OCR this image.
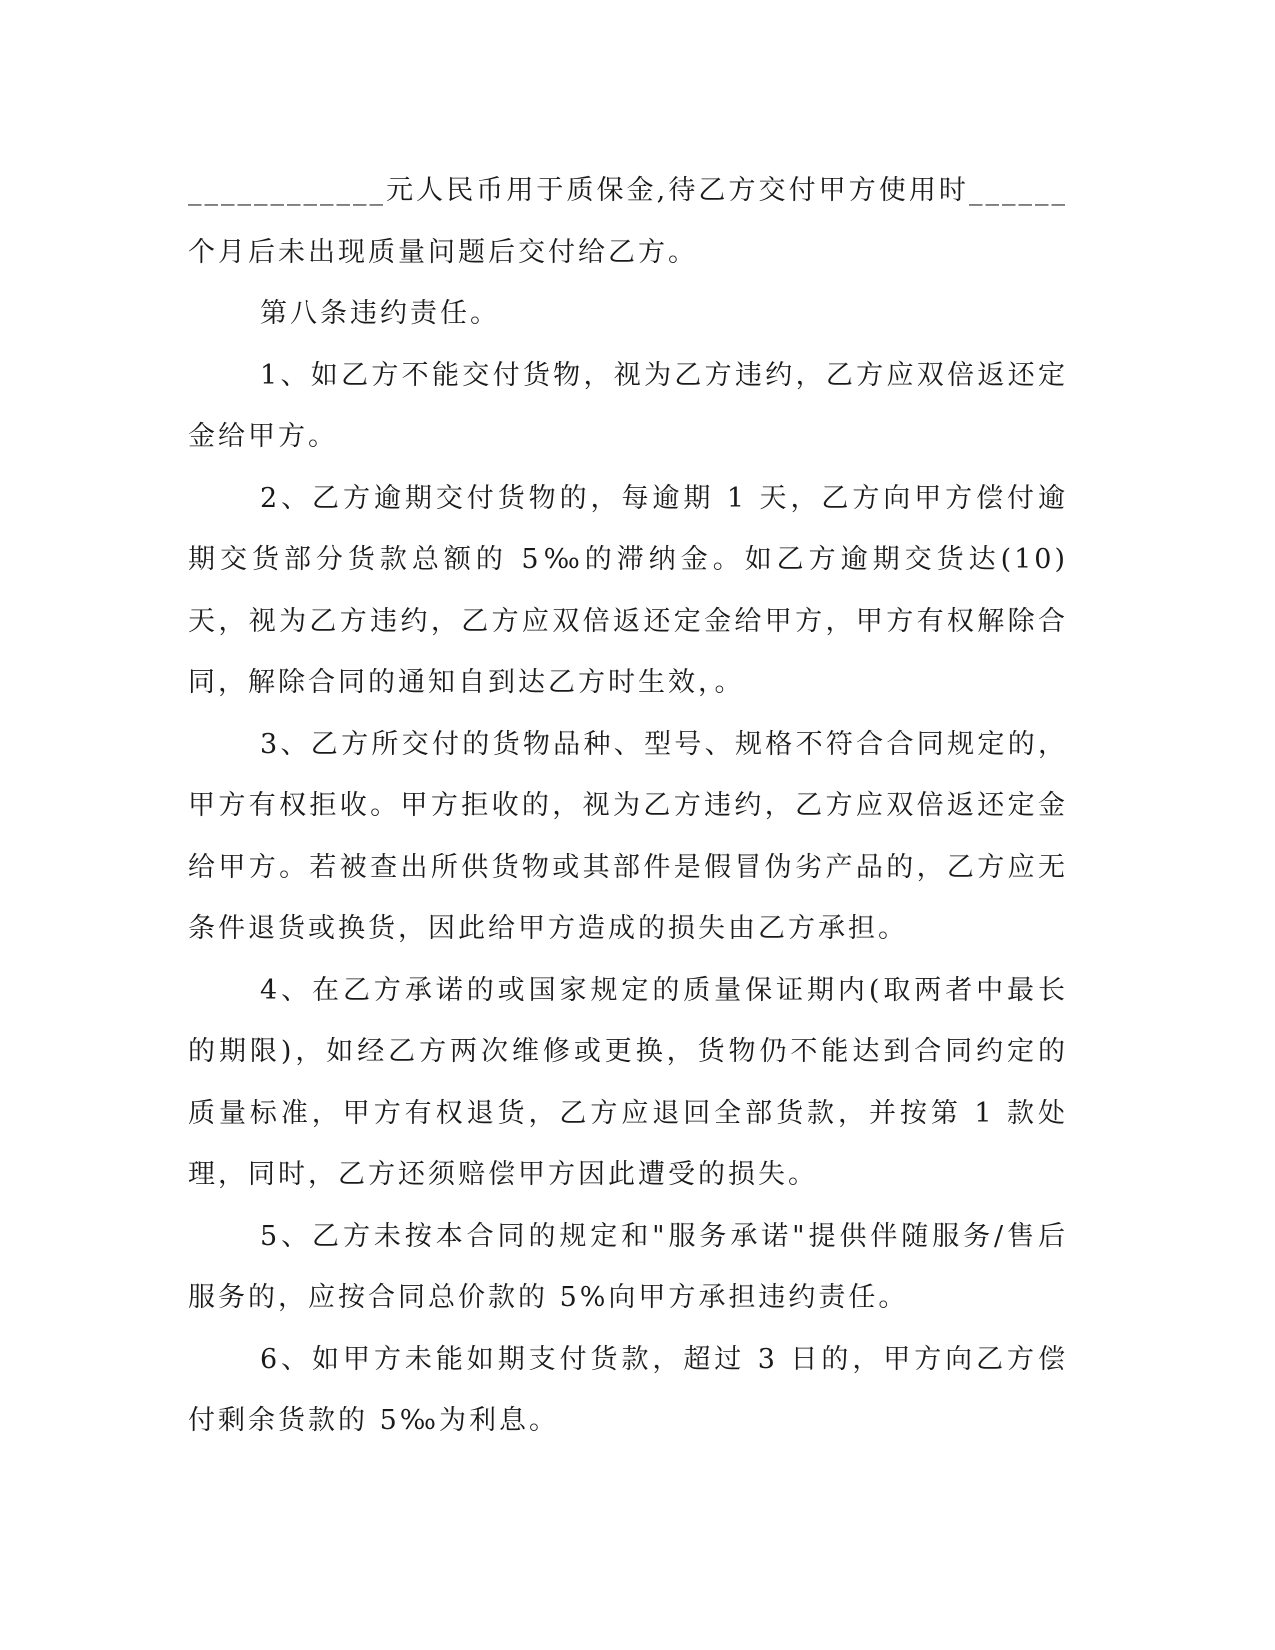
____________元人民币用于质保金,待乙方交付甲方使用时______个月后未出现质量问题后交付给乙方。

第八条违约责任。

1、如乙方不能交付货物，视为乙方违约，乙方应双倍返还定金给甲方。

2、乙方逾期交付货物的，每逾期 1 天，乙方向甲方偿付逾期交货部分货款总额的 5‰的滞纳金。如乙方逾期交货达(10)天，视为乙方违约，乙方应双倍返还定金给甲方，甲方有权解除合同，解除合同的通知自到达乙方时生效，。

3、乙方所交付的货物品种、型号、规格不符合合同规定的，甲方有权拒收。甲方拒收的，视为乙方违约，乙方应双倍返还定金给甲方。若被查出所供货物或其部件是假冒伪劣产品的，乙方应无条件退货或换货，因此给甲方造成的损失由乙方承担。

4、在乙方承诺的或国家规定的质量保证期内(取两者中最长的期限)，如经乙方两次维修或更换，货物仍不能达到合同约定的质量标准，甲方有权退货，乙方应退回全部货款，并按第 1 款处理，同时，乙方还须赔偿甲方因此遭受的损失。

5、乙方未按本合同的规定和"服务承诺"提供伴随服务/售后服务的，应按合同总价款的 5%向甲方承担违约责任。

6、如甲方未能如期支付货款，超过 3 日的，甲方向乙方偿付剩余货款的 5‰为利息。
